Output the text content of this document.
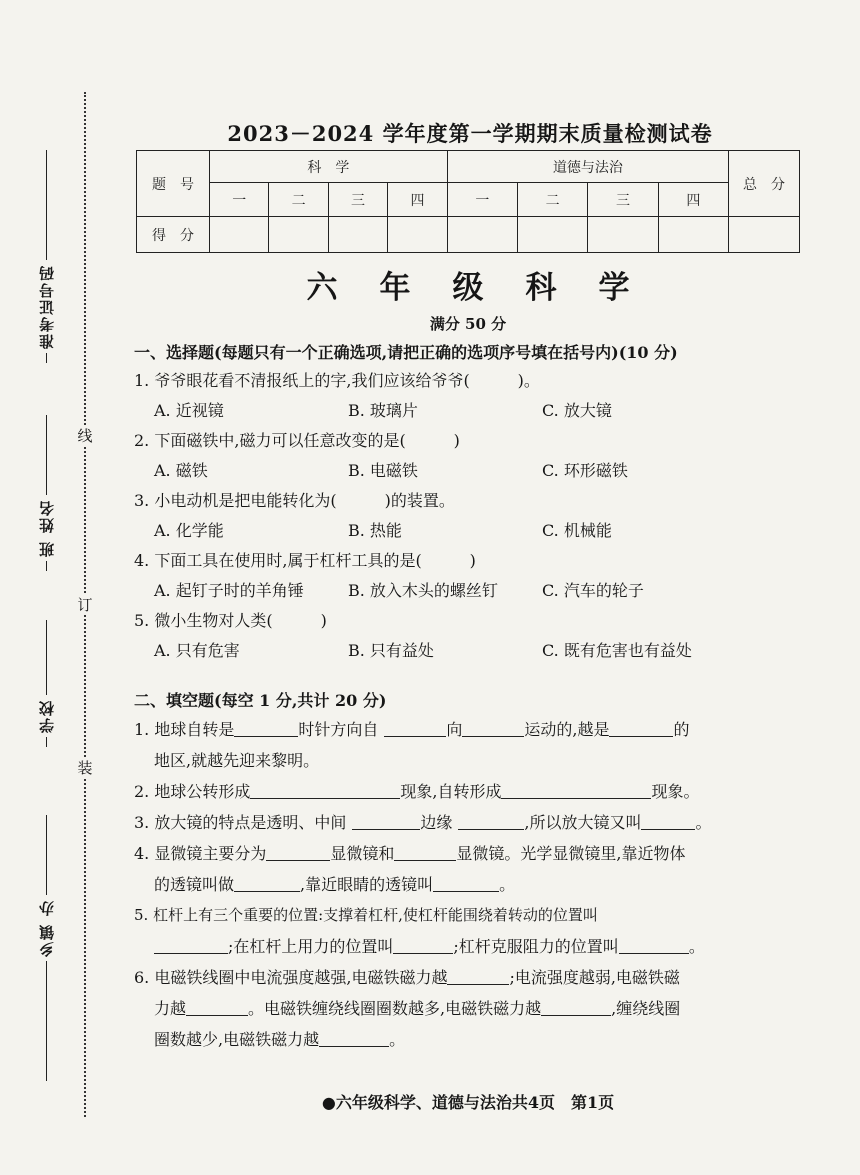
线
订
装
准考证号码
班 姓名
学校
乡镇 办
2023－2024 学年度第一学期期末质量检测试卷
题　号	科　学				道德与法治				总　分
	一	二	三	四	一	二	三	四	
得　分									
六年级科学
满分 50 分
一、选择题(每题只有一个正确选项,请把正确的选项序号填在括号内)(10 分)
1. 爷爷眼花看不清报纸上的字,我们应该给爷爷(　　　)。
A. 近视镜	B. 玻璃片	C. 放大镜
2. 下面磁铁中,磁力可以任意改变的是(　　　)
A. 磁铁	B. 电磁铁	C. 环形磁铁
3. 小电动机是把电能转化为(　　　)的装置。
A. 化学能	B. 热能	C. 机械能
4. 下面工具在使用时,属于杠杆工具的是(　　　)
A. 起钉子时的羊角锤	B. 放入木头的螺丝钉	C. 汽车的轮子
5. 微小生物对人类(　　　)
A. 只有危害	B. 只有益处	C. 既有危害也有益处
二、填空题(每空 1 分,共计 20 分)
1. 地球自转是	时针方向自	向	运动的,越是	的
地区,就越先迎来黎明。
2. 地球公转形成	现象,自转形成	现象。
3. 放大镜的特点是透明、中间	边缘	,所以放大镜又叫	。
4. 显微镜主要分为	显微镜和	显微镜。光学显微镜里,靠近物体
的透镜叫做	,靠近眼睛的透镜叫	。
5. 杠杆上有三个重要的位置:支撑着杠杆,使杠杆能围绕着转动的位置叫
;在杠杆上用力的位置叫	;杠杆克服阻力的位置叫	。
6. 电磁铁线圈中电流强度越强,电磁铁磁力越	;电流强度越弱,电磁铁磁
力越	。电磁铁缠绕线圈圈数越多,电磁铁磁力越	,缠绕线圈
圈数越少,电磁铁磁力越	。
●六年级科学、道德与法治共4页　第1页
